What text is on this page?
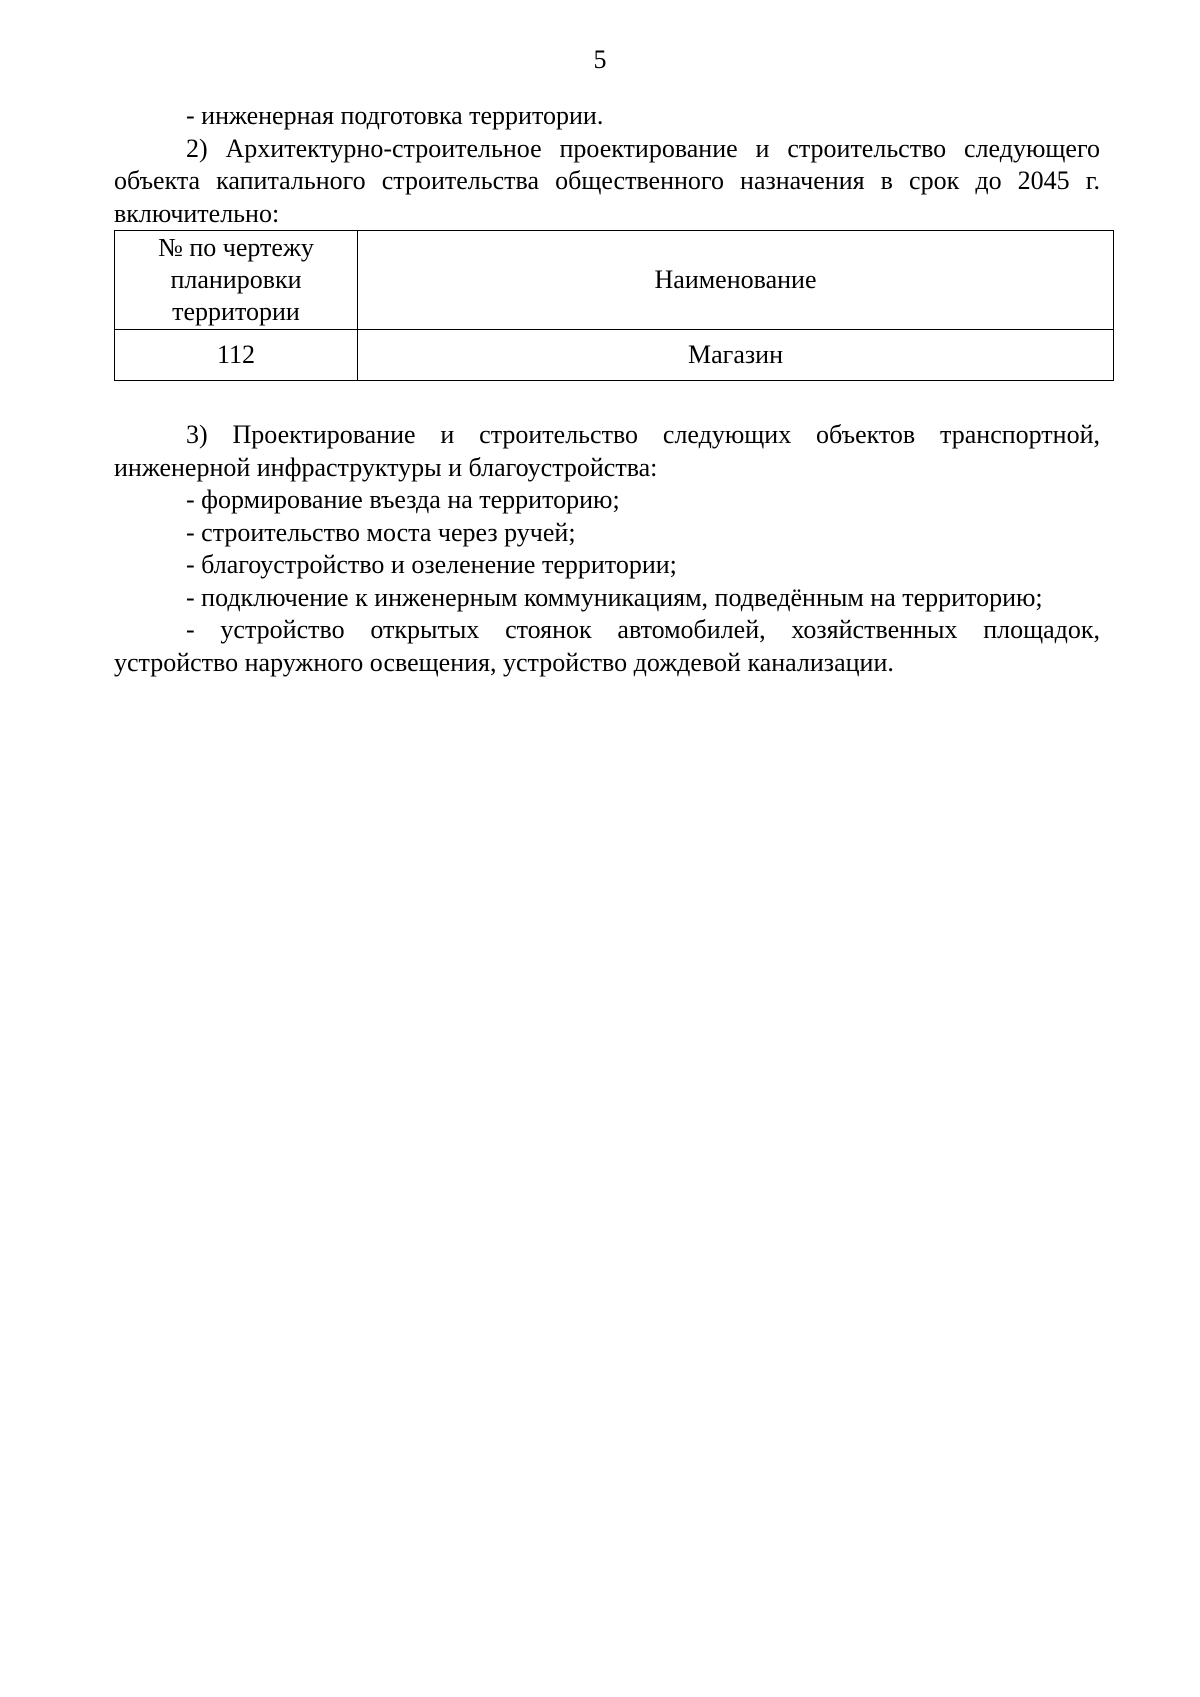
5

- инженерная подготовка территории.

2) Архитектурно-строительное проектирование и строительство следующего объекта капитального строительства общественного назначения в срок до 2045 г. включительно:

№ по чертежу планировки территории	Наименование
112	Магазин

3) Проектирование и строительство следующих объектов транспортной, инженерной инфраструктуры и благоустройства:

- формирование въезда на территорию;

- строительство моста через ручей;

- благоустройство и озеленение территории;

- подключение к инженерным коммуникациям, подведённым на территорию;

- устройство открытых стоянок автомобилей, хозяйственных площадок, устройство наружного освещения, устройство дождевой канализации.
